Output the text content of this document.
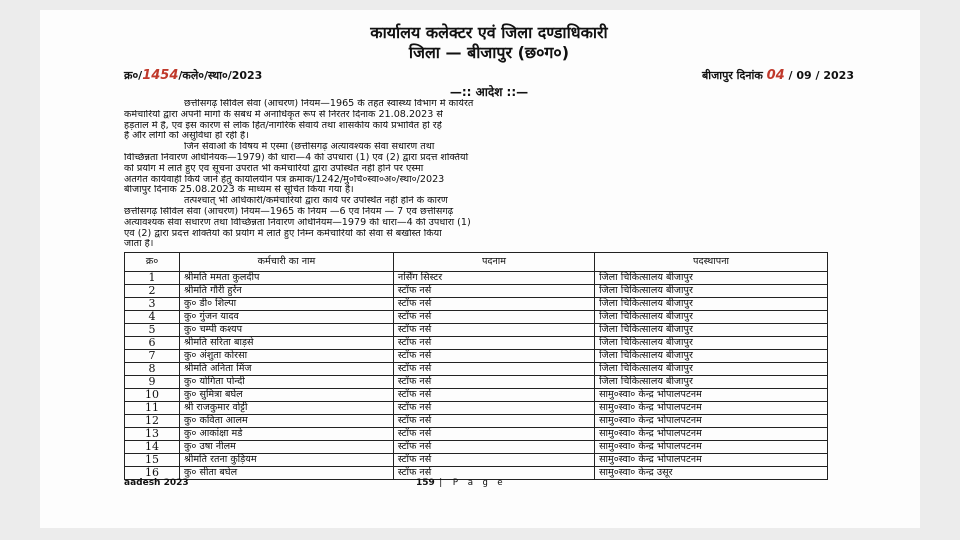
कार्यालय कलेक्टर एवं जिला दण्डाधिकारी
जिला — बीजापुर (छ०ग०)
क्र०/1454/कले०/स्था०/2023	बीजापुर दिनांक 04 / 09 / 2023
—:: आदेश ::—

छत्तीसगढ़ सिविल सेवा (आचरण) नियम—1965 के तहत स्वास्थ्य विभाग में कार्यरत

कर्मचारियों द्वारा अपनी मांगों के संबंध में अनाधिकृत रूप से निरंतर दिनांक 21.08.2023 से

हड़ताल में है, एवं इस कारण से लोक हित/नागरिक सेवायें तथा शासकीय कार्य प्रभावित हो रहें

है और लोगों को असुविधा हो रही है।

जिन सेवाओं के विषय में एस्मा (छत्तीसगढ़ अत्यावश्यक सेवा संधारण तथा

विच्छिन्नता निवारण अधिनियक—1979) की धारा—4 की उपधारा (1) एवं (2) द्वारा प्रदत्त शक्तियों

को प्रयोग में लाते हुए एवं सूचना उपरांत भी कर्मचारियों द्वारा उपस्थित नहीं होने पर एस्मा

अंतर्गत कार्यवाही किये जाने हेतु कार्यालयीन पत्र क्रमांक/1242/मु०चि०स्वा०अ०/स्था०/2023

बीजापुर दिनांक 25.08.2023 के माध्यम से सूचित किया गया है।

तत्पश्चात् भी अधिकारी/कर्मचारियों द्वारा कार्य पर उपस्थित नहीं होने के कारण

छत्तीसगढ़ सिविल सेवा (आचरण) नियम—1965 के नियम —6 एवं नियम — 7 एवं छत्तीसगढ़

अत्यावश्यक सेवा संधारण तथा विच्छिन्नता निवारण अधिनियम—1979 की धारा—4 की उपधारा (1)

एवं (2) द्वारा प्रदत्त शक्तियों को प्रयोग में लाते हुए निम्न कर्मचारियों को सेवा से बर्खास्त किया

जाता है।

क्र०	कर्मचारी का नाम	पदनाम	पदस्थापना
1	श्रीमति ममता कुलदीप	नर्सिंग सिस्टर	जिला चिकित्सालय बीजापुर
2	श्रीमति गौरी हुर्रेन	स्टॉफ नर्स	जिला चिकित्सालय बीजापुर
3	कु० डी० शिल्पा	स्टॉफ नर्स	जिला चिकित्सालय बीजापुर
4	कु० गुंजन यादव	स्टॉफ नर्स	जिला चिकित्सालय बीजापुर
5	कु० चम्पी कश्यप	स्टॉफ नर्स	जिला चिकित्सालय बीजापुर
6	श्रीमति सरिता बाड़से	स्टॉफ नर्स	जिला चिकित्सालय बीजापुर
7	कु० अंशुता कोरसा	स्टॉफ नर्स	जिला चिकित्सालय बीजापुर
8	श्रीमति अनिता मिंज	स्टॉफ नर्स	जिला चिकित्सालय बीजापुर
9	कु० योगिता पोन्दी	स्टॉफ नर्स	जिला चिकित्सालय बीजापुर
10	कु० सुमित्रा बघेल	स्टॉफ नर्स	सामु०स्वा० केन्द्र भोपालपटनम
11	श्री राजकुमार वोट्टी	स्टॉफ नर्स	सामु०स्वा० केन्द्र भोपालपटनम
12	कु० कविता आलम	स्टॉफ नर्स	सामु०स्वा० केन्द्र भोपालपटनम
13	कु० आकांक्षा मडे	स्टॉफ नर्स	सामु०स्वा० केन्द्र भोपालपटनम
14	कु० उषा नीलम	स्टॉफ नर्स	सामु०स्वा० केन्द्र भोपालपटनम
15	श्रीमति रतना कुड़ियम	स्टॉफ नर्स	सामु०स्वा० केन्द्र भोपालपटनम
16	कु० सीता बघेल	स्टॉफ नर्स	सामु०स्वा० केन्द्र उसूर
aadesh 2023	159 | P a g e
